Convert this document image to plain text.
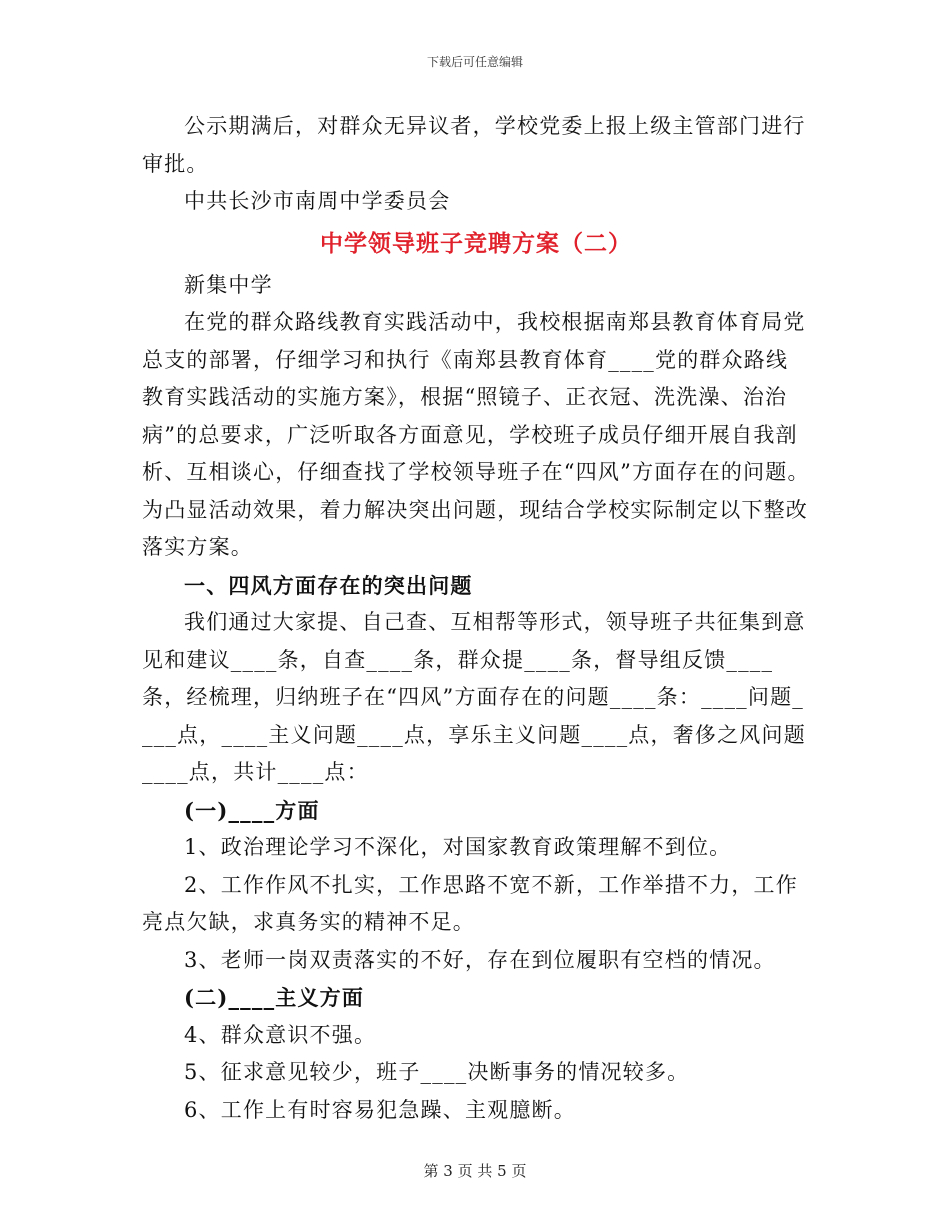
下载后可任意编辑

公示期满后，对群众无异议者，学校党委上报上级主管部门进行审批。

中共长沙市南周中学委员会

中学领导班子竞聘方案（二）

新集中学

在党的群众路线教育实践活动中，我校根据南郑县教育体育局党总支的部署，仔细学习和执行《南郑县教育体育____党的群众路线教育实践活动的实施方案》，根据“照镜子、正衣冠、洗洗澡、治治病”的总要求，广泛听取各方面意见，学校班子成员仔细开展自我剖析、互相谈心，仔细查找了学校领导班子在“四风”方面存在的问题。为凸显活动效果，着力解决突出问题，现结合学校实际制定以下整改落实方案。

一、四风方面存在的突出问题

我们通过大家提、自己查、互相帮等形式，领导班子共征集到意见和建议____条，自查____条，群众提____条，督导组反馈____条，经梳理，归纳班子在“四风”方面存在的问题____条：____问题____点，____主义问题____点，享乐主义问题____点，奢侈之风问题____点，共计____点：

(一)____方面

1、政治理论学习不深化，对国家教育政策理解不到位。

2、工作作风不扎实，工作思路不宽不新，工作举措不力，工作亮点欠缺，求真务实的精神不足。

3、老师一岗双责落实的不好，存在到位履职有空档的情况。

(二)____主义方面

4、群众意识不强。

5、征求意见较少，班子____决断事务的情况较多。

6、工作上有时容易犯急躁、主观臆断。

第 3 页 共 5 页
